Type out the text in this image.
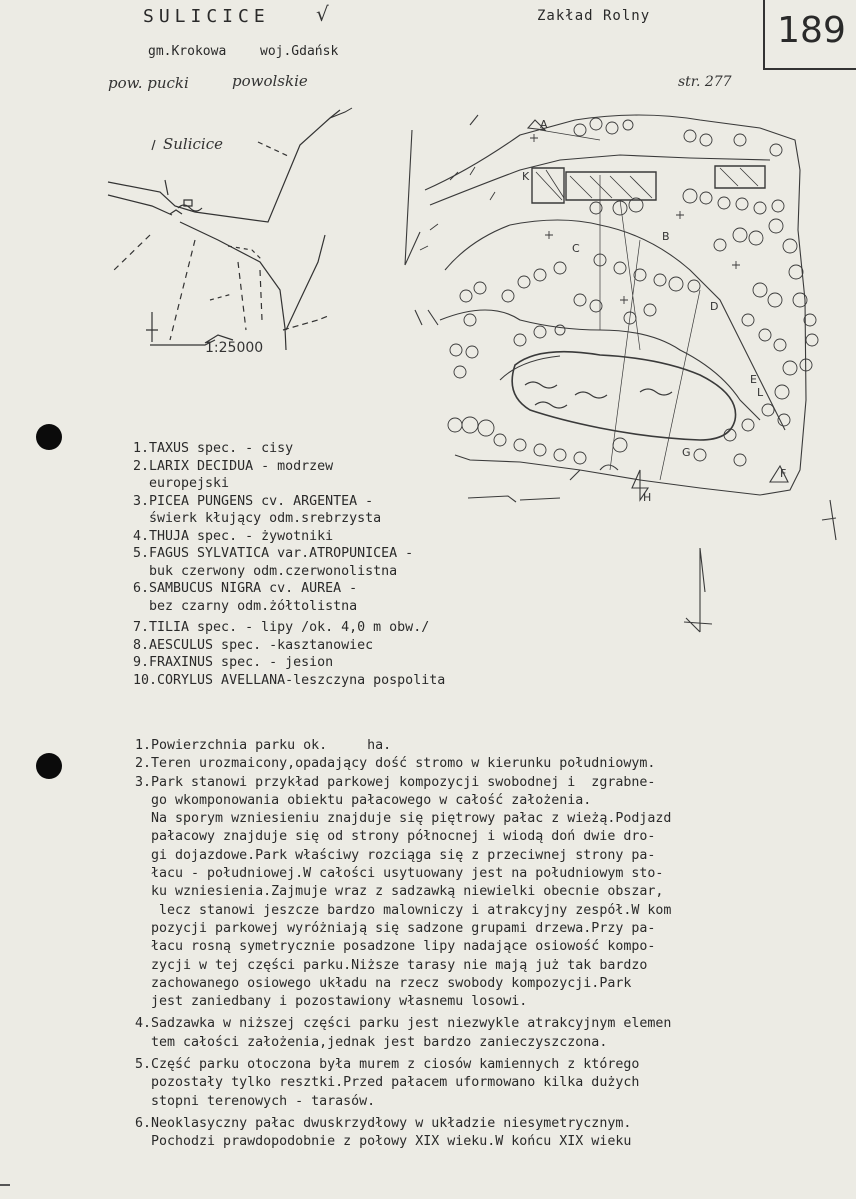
SULICICE √	Zakład Rolny	189
gm.Krokowa	woj.Gdańsk
pow. pucki	powolskie	str. 277
Sulicice
1:25000
A
B
C
D
E
F
G
H
K
L
1.TAXUS spec. - cisy
2.LARIX DECIDUA - modrzew
europejski
3.PICEA PUNGENS cv. ARGENTEA -
świerk kłujący odm.srebrzysta
4.THUJA spec. - żywotniki
5.FAGUS SYLVATICA var.ATROPUNICEA -
buk czerwony odm.czerwonolistna
6.SAMBUCUS NIGRA cv. AUREA -
bez czarny odm.żółtolistna
7.TILIA spec. - lipy /ok. 4,0 m obw./
8.AESCULUS spec. -kasztanowiec
9.FRAXINUS spec. - jesion
10.CORYLUS AVELLANA-leszczyna pospolita
1.Powierzchnia parku ok.     ha.
2.Teren urozmaicony,opadający dość stromo w kierunku południowym.
3.Park stanowi przykład parkowej kompozycji swobodnej i  zgrabne-
go wkomponowania obiektu pałacowego w całość założenia.
Na sporym wzniesieniu znajduje się piętrowy pałac z wieżą.Podjazd
pałacowy znajduje się od strony północnej i wiodą doń dwie dro-
gi dojazdowe.Park właściwy rozciąga się z przeciwnej strony pa-
łacu - południowej.W całości usytuowany jest na południowym sto-
ku wzniesienia.Zajmuje wraz z sadzawką niewielki obecnie obszar,
lecz stanowi jeszcze bardzo malowniczy i atrakcyjny zespół.W kom
pozycji parkowej wyróżniają się sadzone grupami drzewa.Przy pa-
łacu rosną symetrycznie posadzone lipy nadające osiowość kompo-
zycji w tej części parku.Niższe tarasy nie mają już tak bardzo
zachowanego osiowego układu na rzecz swobody kompozycji.Park
jest zaniedbany i pozostawiony własnemu losowi.
4.Sadzawka w niższej części parku jest niezwykle atrakcyjnym elemen
tem całości założenia,jednak jest bardzo zanieczyszczona.
5.Część parku otoczona była murem z ciosów kamiennych z którego
pozostały tylko resztki.Przed pałacem uformowano kilka dużych
stopni terenowych - tarasów.
6.Neoklasyczny pałac dwuskrzydłowy w układzie niesymetrycznym.
Pochodzi prawdopodobnie z połowy XIX wieku.W końcu XIX wieku
